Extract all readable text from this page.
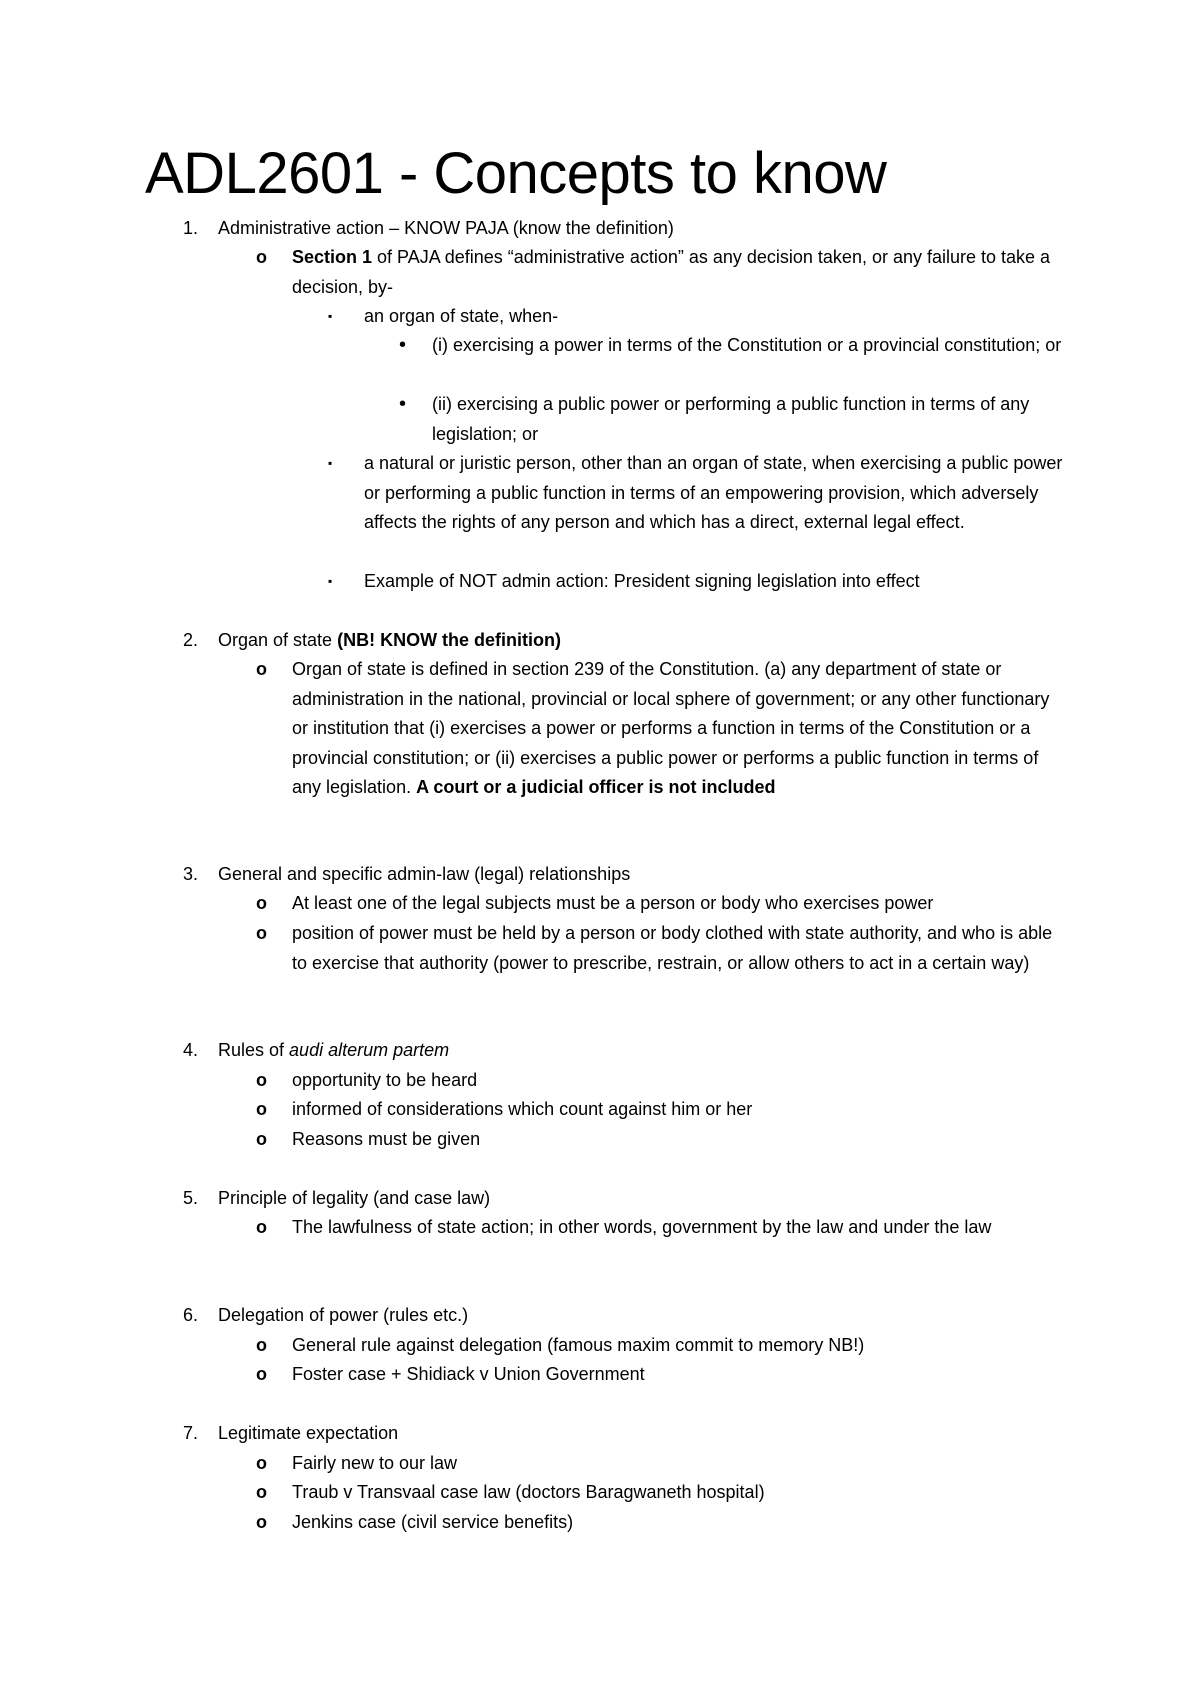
ADL2601 - Concepts to know
1.	Administrative action – KNOW PAJA (know the definition)
o Section 1 of PAJA defines “administrative action” as any decision taken, or any failure to take a decision, by-
▪ an organ of state, when-
• (i) exercising a power in terms of the Constitution or a provincial constitution; or
• (ii) exercising a public power or performing a public function in terms of any legislation; or
▪ a natural or juristic person, other than an organ of state, when exercising a public power or performing a public function in terms of an empowering provision, which adversely affects the rights of any person and which has a direct, external legal effect.
▪ Example of NOT admin action: President signing legislation into effect
2.	Organ of state (NB! KNOW the definition)
o Organ of state is defined in section 239 of the Constitution. (a) any department of state or administration in the national, provincial or local sphere of government; or any other functionary or institution that (i) exercises a power or performs a function in terms of the Constitution or a provincial constitution; or (ii) exercises a public power or performs a public function in terms of any legislation. A court or a judicial officer is not included
3.	General and specific admin-law (legal) relationships
o At least one of the legal subjects must be a person or body who exercises power
o position of power must be held by a person or body clothed with state authority, and who is able to exercise that authority (power to prescribe, restrain, or allow others to act in a certain way)
4.	Rules of audi alterum partem
o opportunity to be heard
o informed of considerations which count against him or her
o Reasons must be given
5.	Principle of legality (and case law)
o The lawfulness of state action; in other words, government by the law and under the law
6.	Delegation of power (rules etc.)
o General rule against delegation (famous maxim commit to memory NB!)
o Foster case + Shidiack v Union Government
7.	Legitimate expectation
o Fairly new to our law
o Traub v Transvaal case law (doctors Baragwaneth hospital)
o Jenkins case (civil service benefits)
